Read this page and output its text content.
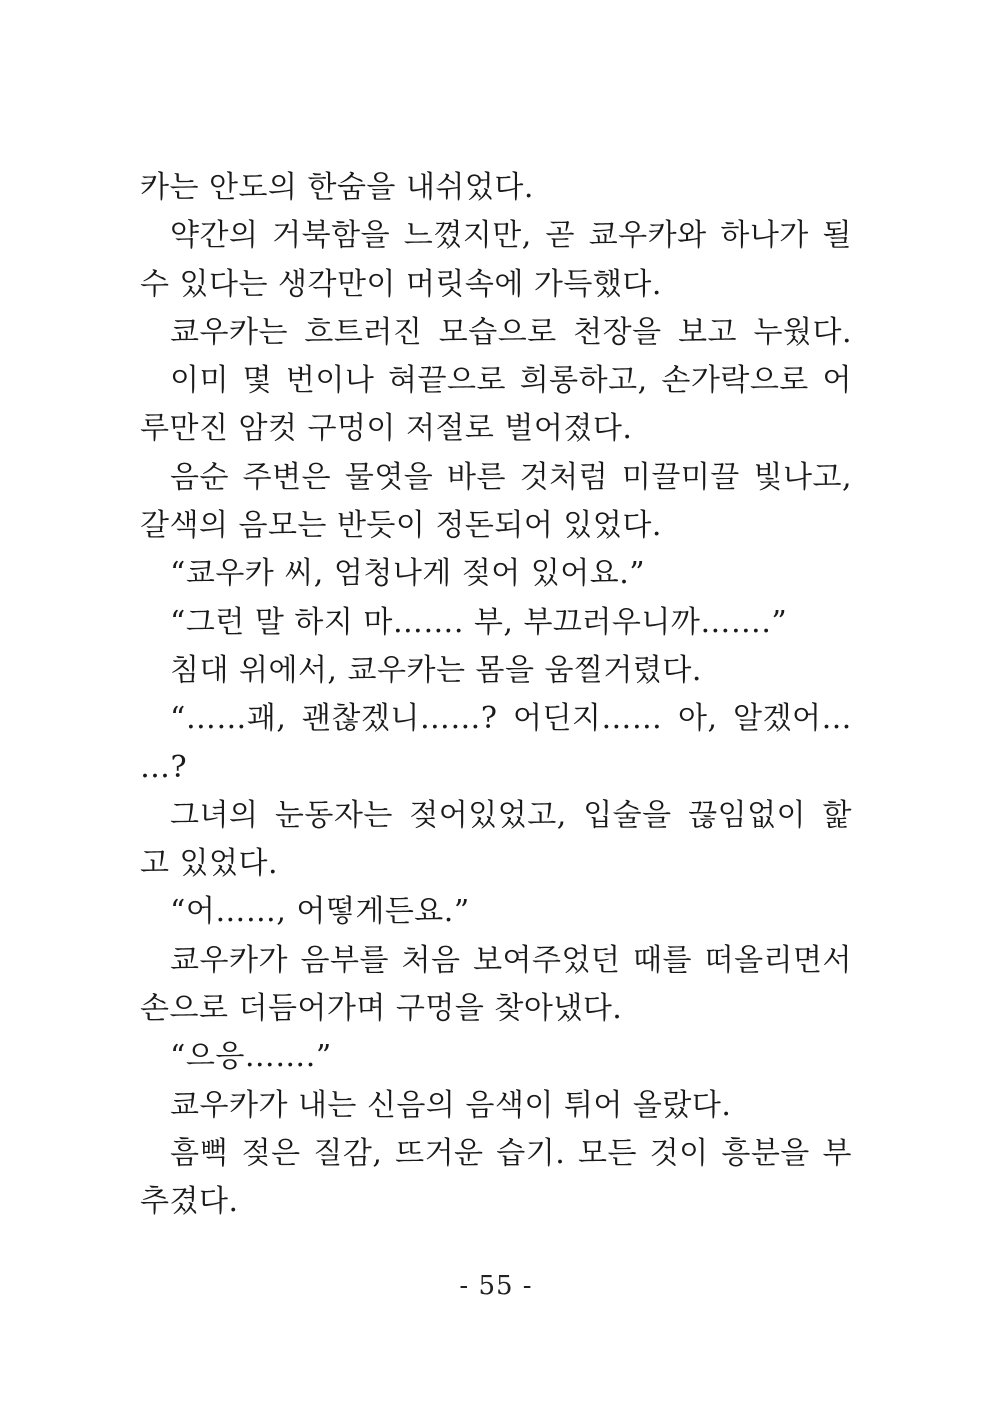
카는 안도의 한숨을 내쉬었다.
약간의 거북함을 느꼈지만, 곧 쿄우카와 하나가 될
수 있다는 생각만이 머릿속에 가득했다.
쿄우카는 흐트러진 모습으로 천장을 보고 누웠다.
이미 몇 번이나 혀끝으로 희롱하고, 손가락으로 어
루만진 암컷 구멍이 저절로 벌어졌다.
음순 주변은 물엿을 바른 것처럼 미끌미끌 빛나고,
갈색의 음모는 반듯이 정돈되어 있었다.
“쿄우카 씨, 엄청나게 젖어 있어요.”
“그런 말 하지 마……. 부, 부끄러우니까…….”
침대 위에서, 쿄우카는 몸을 움찔거렸다.
“……괘, 괜찮겠니……? 어딘지…… 아, 알겠어…
…?
그녀의 눈동자는 젖어있었고, 입술을 끊임없이 핥
고 있었다.
“어……, 어떻게든요.”
쿄우카가 음부를 처음 보여주었던 때를 떠올리면서
손으로 더듬어가며 구멍을 찾아냈다.
“으응…….”
쿄우카가 내는 신음의 음색이 튀어 올랐다.
흠뻑 젖은 질감, 뜨거운 습기. 모든 것이 흥분을 부
추겼다.
- 55 -
